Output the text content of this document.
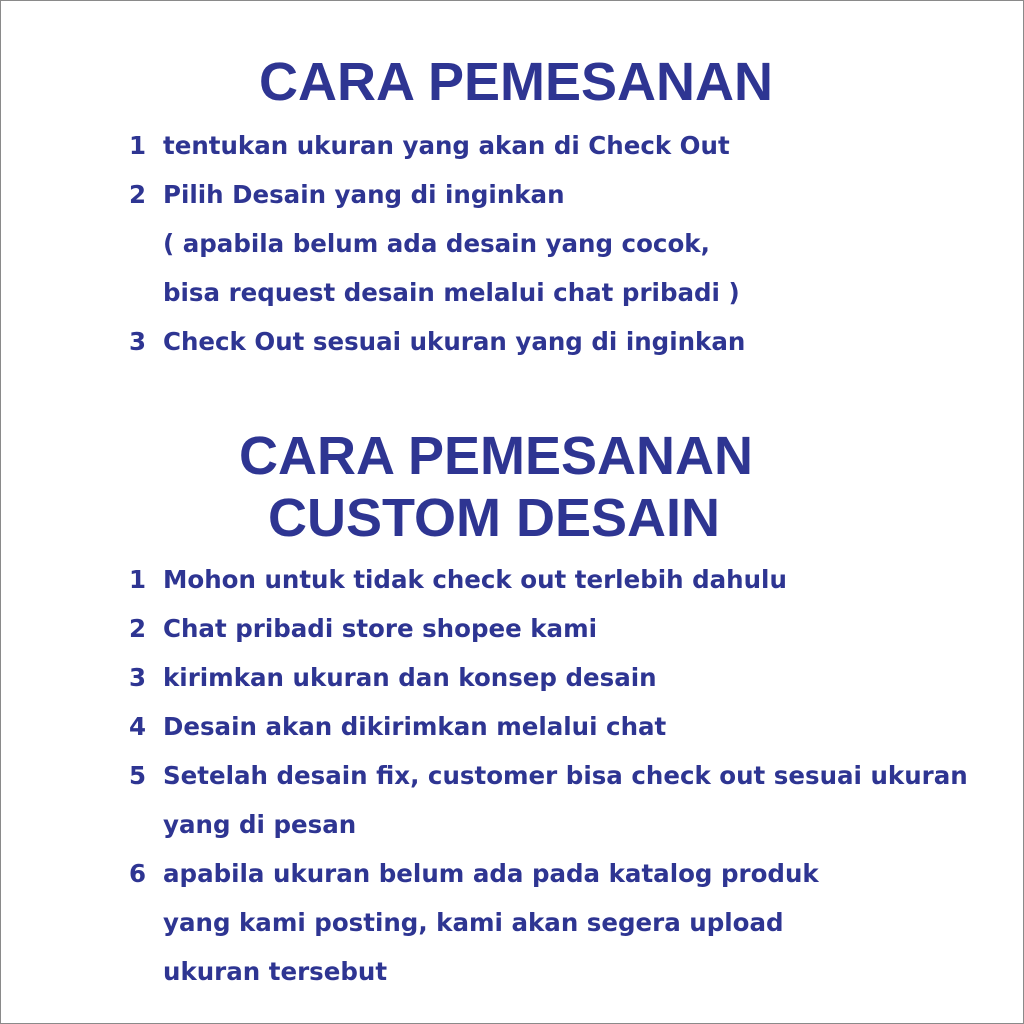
CARA PEMESANAN
1 tentukan ukuran yang akan di Check Out
2 Pilih Desain yang di inginkan
( apabila belum ada desain yang cocok,
bisa request desain melalui chat pribadi )
3 Check Out sesuai ukuran yang di inginkan
CARA PEMESANAN
CUSTOM DESAIN
1 Mohon untuk tidak check out terlebih dahulu
2 Chat pribadi store shopee kami
3 kirimkan ukuran dan konsep desain
4 Desain akan dikirimkan melalui chat
5 Setelah desain fix, customer bisa check out sesuai ukuran
yang di pesan
6 apabila ukuran belum ada pada katalog produk
yang kami posting, kami akan segera upload
ukuran tersebut
